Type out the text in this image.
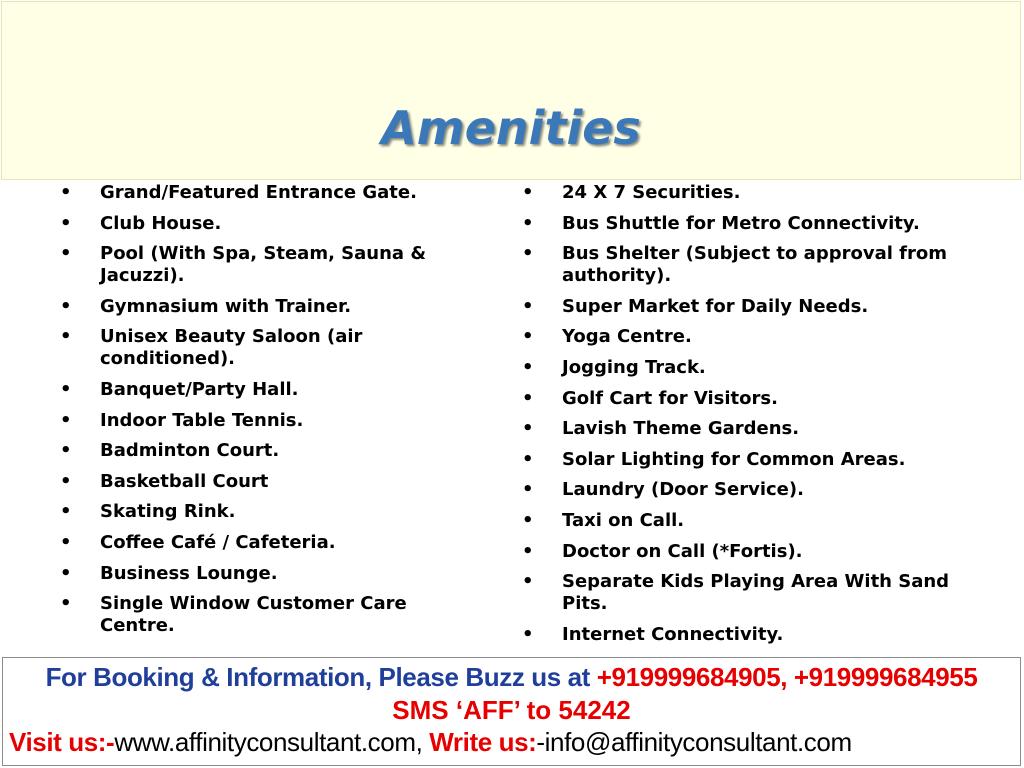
Amenities
• Grand/Featured Entrance Gate.
• Club House.
• Pool (With Spa, Steam, Sauna & Jacuzzi).
• Gymnasium with Trainer.
• Unisex Beauty Saloon (air conditioned).
• Banquet/Party Hall.
• Indoor Table Tennis.
• Badminton Court.
• Basketball Court
• Skating Rink.
• Coffee Café / Cafeteria.
• Business Lounge.
• Single Window Customer Care Centre.
• 24 X 7 Securities.
• Bus Shuttle for Metro Connectivity.
• Bus Shelter (Subject to approval from authority).
• Super Market for Daily Needs.
• Yoga Centre.
• Jogging Track.
• Golf Cart for Visitors.
• Lavish Theme Gardens.
• Solar Lighting for Common Areas.
• Laundry (Door Service).
• Taxi on Call.
• Doctor on Call (*Fortis).
• Separate Kids Playing Area With Sand Pits.
• Internet Connectivity.
For Booking & Information, Please Buzz us at +919999684905, +919999684955
SMS ‘AFF’ to 54242
Visit us:-www.affinityconsultant.com, Write us:-info@affinityconsultant.com
